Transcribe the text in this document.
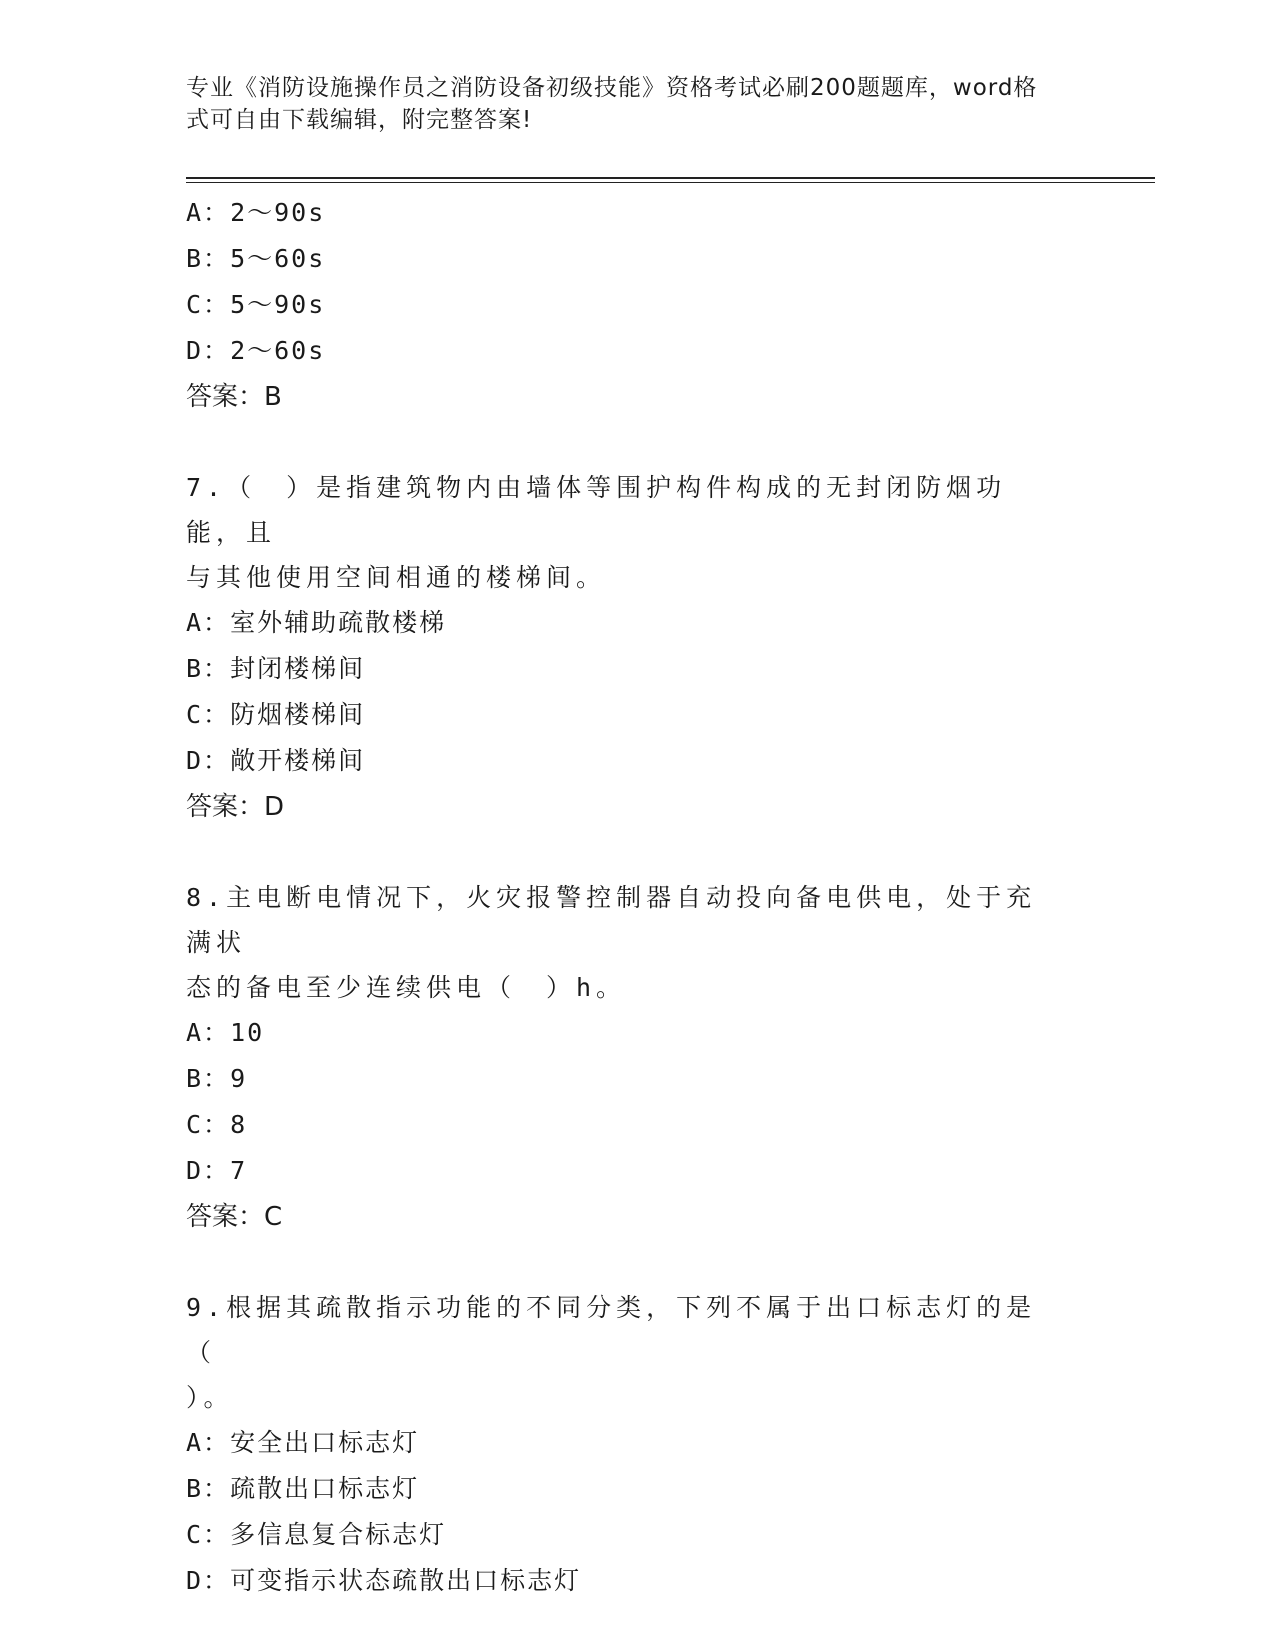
专业《消防设施操作员之消防设备初级技能》资格考试必刷200题题库，word格
式可自由下载编辑，附完整答案!
A：2～90s
B：5～60s
C：5～90s
D：2～60s
答案：B
7.（　）是指建筑物内由墙体等围护构件构成的无封闭防烟功能，且
与其他使用空间相通的楼梯间。
A：室外辅助疏散楼梯
B：封闭楼梯间
C：防烟楼梯间
D：敞开楼梯间
答案：D
8.主电断电情况下，火灾报警控制器自动投向备电供电，处于充满状
态的备电至少连续供电（　）h。
A：10
B：9
C：8
D：7
答案：C
9.根据其疏散指示功能的不同分类，下列不属于出口标志灯的是（
）。
A：安全出口标志灯
B：疏散出口标志灯
C：多信息复合标志灯
D：可变指示状态疏散出口标志灯
